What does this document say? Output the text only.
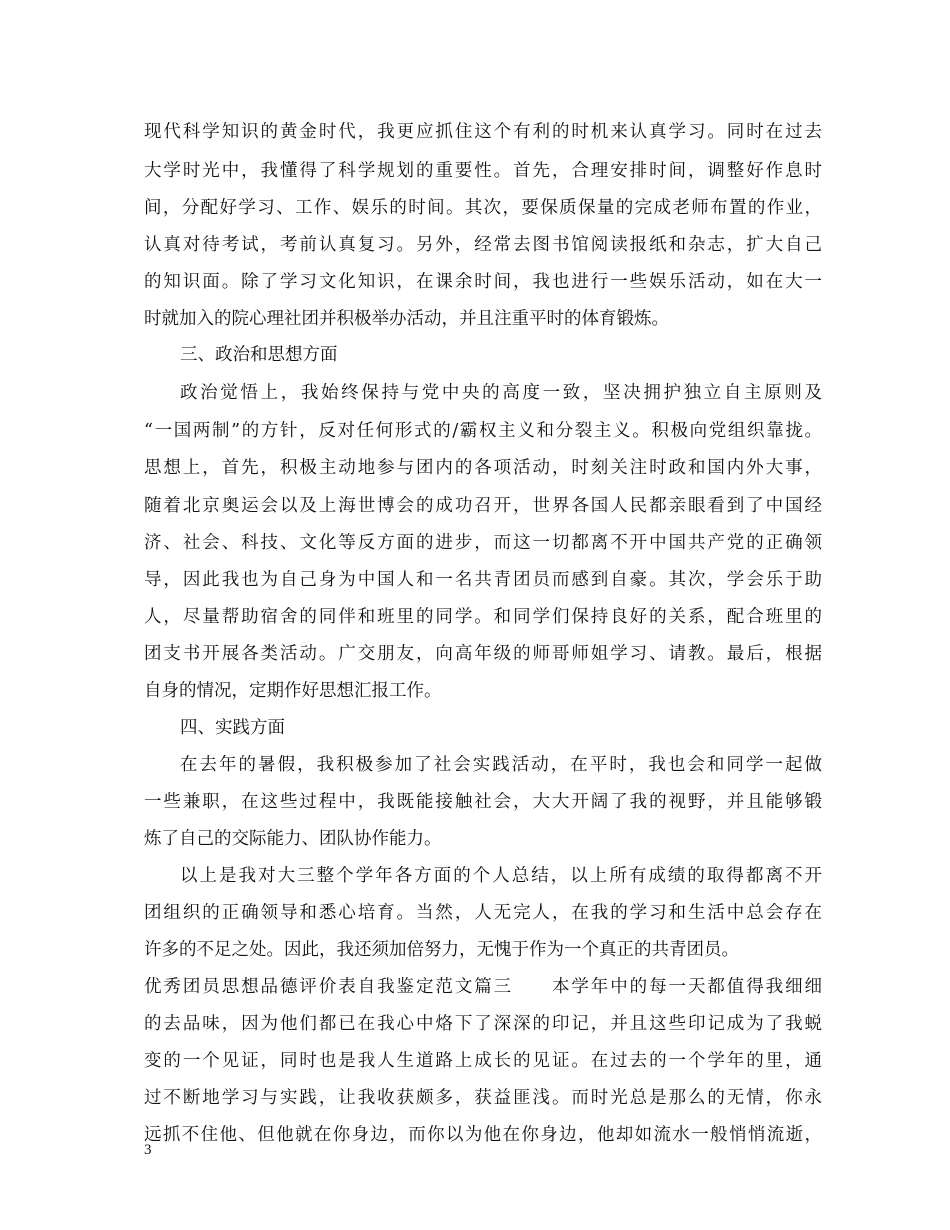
现代科学知识的黄金时代，我更应抓住这个有利的时机来认真学习。同时在过去
大学时光中，我懂得了科学规划的重要性。首先，合理安排时间，调整好作息时
间，分配好学习、工作、娱乐的时间。其次，要保质保量的完成老师布置的作业，
认真对待考试，考前认真复习。另外，经常去图书馆阅读报纸和杂志，扩大自己
的知识面。除了学习文化知识，在课余时间，我也进行一些娱乐活动，如在大一
时就加入的院心理社团并积极举办活动，并且注重平时的体育锻炼。
三、政治和思想方面
政治觉悟上，我始终保持与党中央的高度一致，坚决拥护独立自主原则及
“一国两制”的方针，反对任何形式的/霸权主义和分裂主义。积极向党组织靠拢。
思想上，首先，积极主动地参与团内的各项活动，时刻关注时政和国内外大事，
随着北京奥运会以及上海世博会的成功召开，世界各国人民都亲眼看到了中国经
济、社会、科技、文化等反方面的进步，而这一切都离不开中国共产党的正确领
导，因此我也为自己身为中国人和一名共青团员而感到自豪。其次，学会乐于助
人，尽量帮助宿舍的同伴和班里的同学。和同学们保持良好的关系，配合班里的
团支书开展各类活动。广交朋友，向高年级的师哥师姐学习、请教。最后，根据
自身的情况，定期作好思想汇报工作。
四、实践方面
在去年的暑假，我积极参加了社会实践活动，在平时，我也会和同学一起做
一些兼职，在这些过程中，我既能接触社会，大大开阔了我的视野，并且能够锻
炼了自己的交际能力、团队协作能力。
以上是我对大三整个学年各方面的个人总结，以上所有成绩的取得都离不开
团组织的正确领导和悉心培育。当然，人无完人，在我的学习和生活中总会存在
许多的不足之处。因此，我还须加倍努力，无愧于作为一个真正的共青团员。
优秀团员思想品德评价表自我鉴定范文篇三　　本学年中的每一天都值得我细细
的去品味，因为他们都已在我心中烙下了深深的印记，并且这些印记成为了我蜕
变的一个见证，同时也是我人生道路上成长的见证。在过去的一个学年的里，通
过不断地学习与实践，让我收获颇多，获益匪浅。而时光总是那么的无情，你永
远抓不住他、但他就在你身边，而你以为他在你身边，他却如流水一般悄悄流逝，
3
